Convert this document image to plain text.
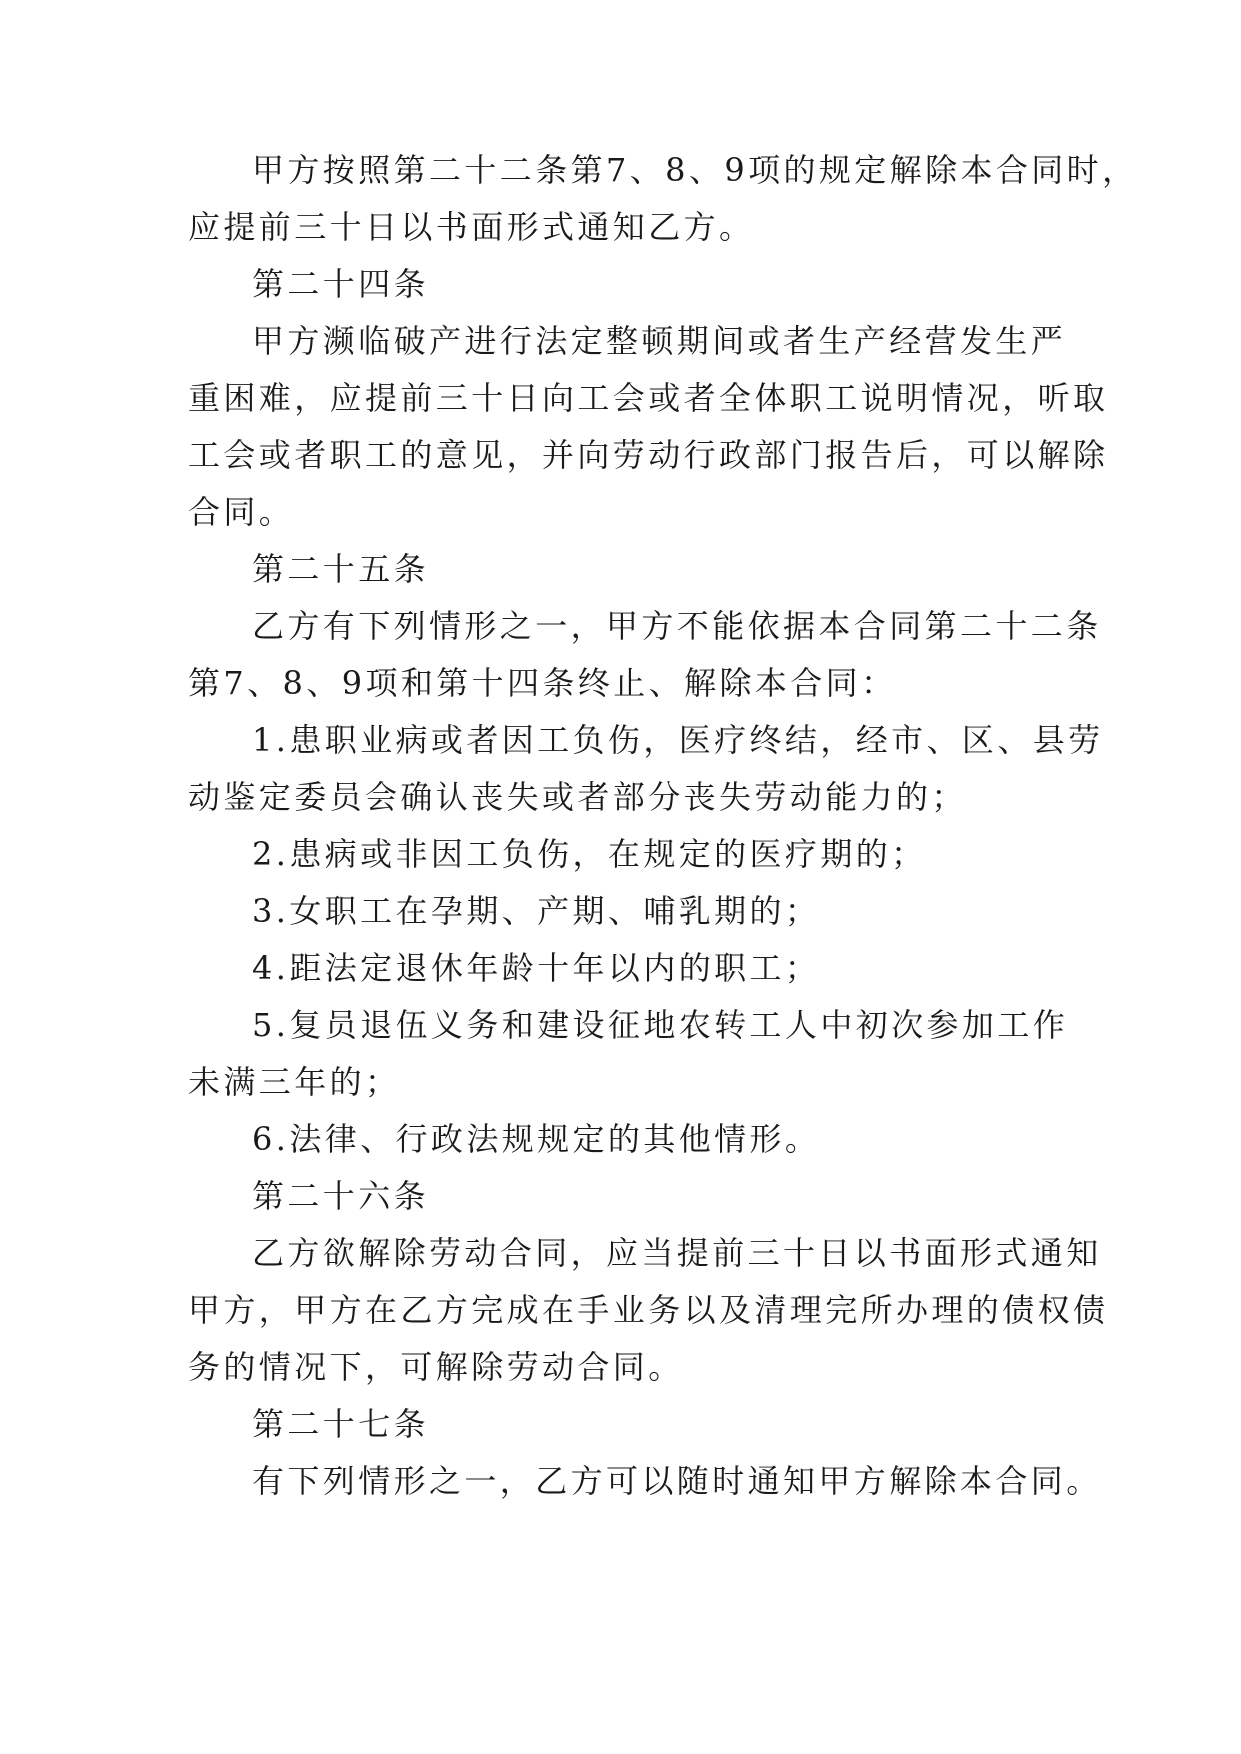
甲方按照第二十二条第7、8、9项的规定解除本合同时，
应提前三十日以书面形式通知乙方。
第二十四条
甲方濒临破产进行法定整顿期间或者生产经营发生严
重困难，应提前三十日向工会或者全体职工说明情况，听取
工会或者职工的意见，并向劳动行政部门报告后，可以解除
合同。
第二十五条
乙方有下列情形之一，甲方不能依据本合同第二十二条
第7、8、9项和第十四条终止、解除本合同：
1.患职业病或者因工负伤，医疗终结，经市、区、县劳
动鉴定委员会确认丧失或者部分丧失劳动能力的；
2.患病或非因工负伤，在规定的医疗期的；
3.女职工在孕期、产期、哺乳期的；
4.距法定退休年龄十年以内的职工；
5.复员退伍义务和建设征地农转工人中初次参加工作
未满三年的；
6.法律、行政法规规定的其他情形。
第二十六条
乙方欲解除劳动合同，应当提前三十日以书面形式通知
甲方，甲方在乙方完成在手业务以及清理完所办理的债权债
务的情况下，可解除劳动合同。
第二十七条
有下列情形之一，乙方可以随时通知甲方解除本合同。
